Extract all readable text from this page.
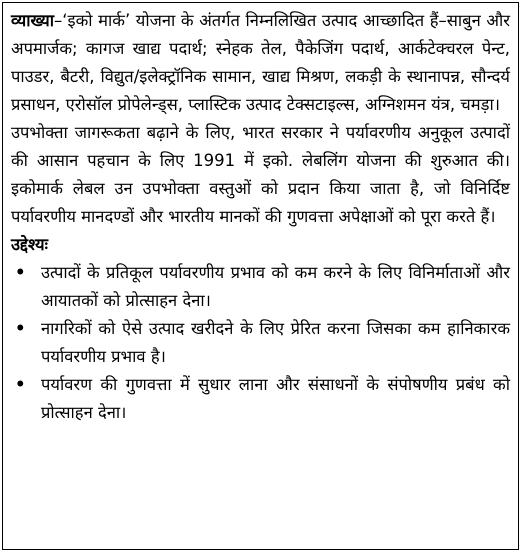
व्याख्या–‘इको मार्क’ योजना के अंतर्गत निम्नलिखित उत्पाद आच्छादित हैं–साबुन और अपमार्जक; कागज खाद्य पदार्थ; स्नेहक तेल, पैकेजिंग पदार्थ, आर्कटेक्चरल पेन्ट, पाउडर, बैटरी, विद्युत/इलेक्ट्रॉनिक सामान, खाद्य मिश्रण, लकड़ी के स्थानापन्न, सौन्दर्य प्रसाधन, एरोसॉल प्रोपेलेन्ड्स, प्लास्टिक उत्पाद टेक्सटाइल्स, अग्निशमन यंत्र, चमड़ा।

उपभोक्ता जागरूकता बढ़ाने के लिए, भारत सरकार ने पर्यावरणीय अनुकूल उत्पादों की आसान पहचान के लिए 1991 में इको. लेबलिंग योजना की शुरुआत की। इकोमार्क लेबल उन उपभोक्ता वस्तुओं को प्रदान किया जाता है, जो विनिर्दिष्ट पर्यावरणीय मानदण्डों और भारतीय मानकों की गुणवत्ता अपेक्षाओं को पूरा करते हैं।

उद्देश्यः

• उत्पादों के प्रतिकूल पर्यावरणीय प्रभाव को कम करने के लिए विनिर्माताओं और आयातकों को प्रोत्साहन देना।
• नागरिकों को ऐसे उत्पाद खरीदने के लिए प्रेरित करना जिसका कम हानिकारक पर्यावरणीय प्रभाव है।
• पर्यावरण की गुणवत्ता में सुधार लाना और संसाधनों के संपोषणीय प्रबंध को प्रोत्साहन देना।
